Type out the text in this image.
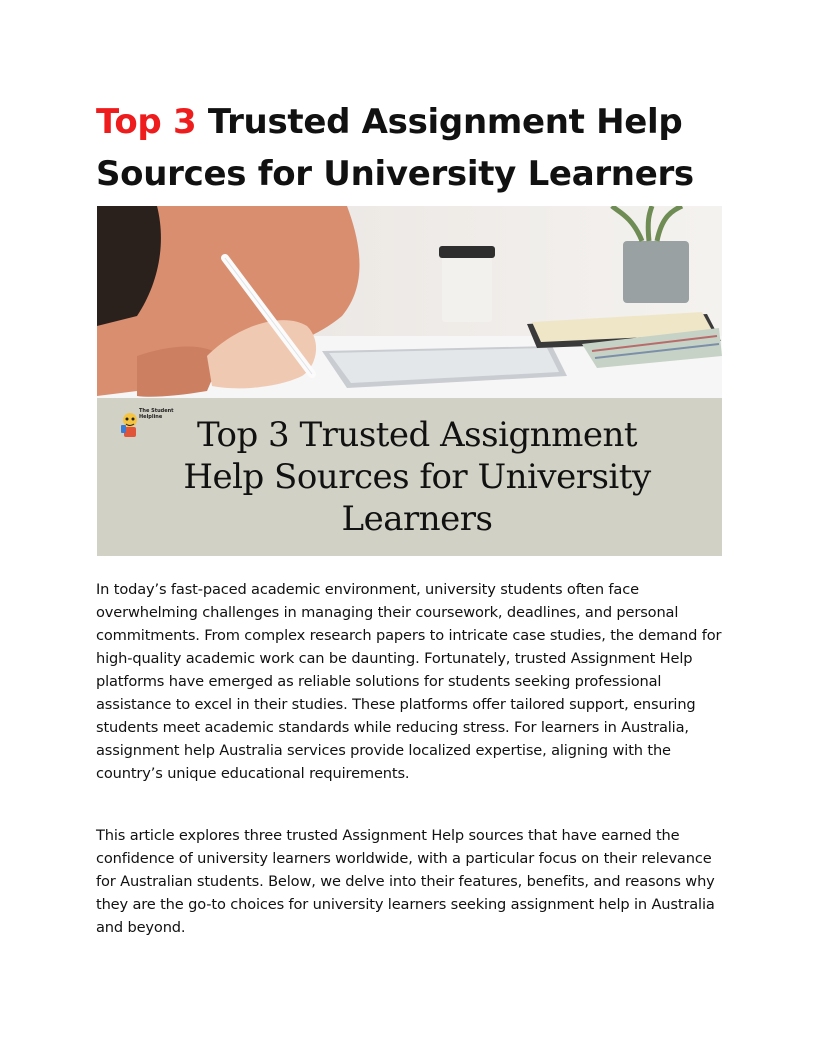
Top 3 Trusted Assignment Help Sources for University Learners
The Student Helpline	Top 3 Trusted Assignment Help Sources for University Learners

In today’s fast-paced academic environment, university students often face overwhelming challenges in managing their coursework, deadlines, and personal commitments. From complex research papers to intricate case studies, the demand for high-quality academic work can be daunting. Fortunately, trusted Assignment Help platforms have emerged as reliable solutions for students seeking professional assistance to excel in their studies. These platforms offer tailored support, ensuring students meet academic standards while reducing stress. For learners in Australia, assignment help Australia services provide localized expertise, aligning with the country’s unique educational requirements.

This article explores three trusted Assignment Help sources that have earned the confidence of university learners worldwide, with a particular focus on their relevance for Australian students. Below, we delve into their features, benefits, and reasons why they are the go-to choices for university learners seeking assignment help in Australia and beyond.
